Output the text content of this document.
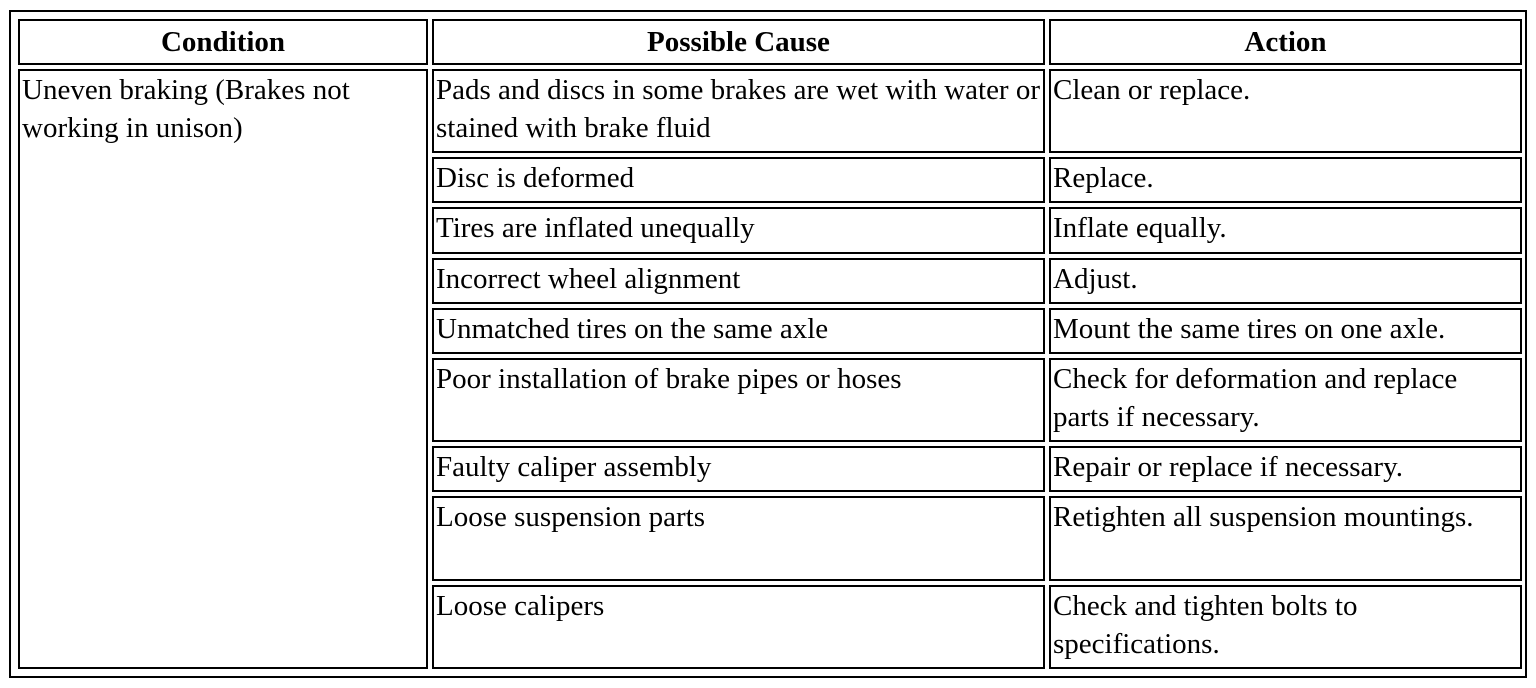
Condition	Possible Cause	Action
Uneven braking (Brakes not working in unison)	Pads and discs in some brakes are wet with water or stained with brake fluid	Clean or replace.
	Disc is deformed	Replace.
	Tires are inflated unequally	Inflate equally.
	Incorrect wheel alignment	Adjust.
	Unmatched tires on the same axle	Mount the same tires on one axle.
	Poor installation of brake pipes or hoses	Check for deformation and replace parts if necessary.
	Faulty caliper assembly	Repair or replace if necessary.
	Loose suspension parts	Retighten all suspension mountings.
	Loose calipers	Check and tighten bolts to specifications.
